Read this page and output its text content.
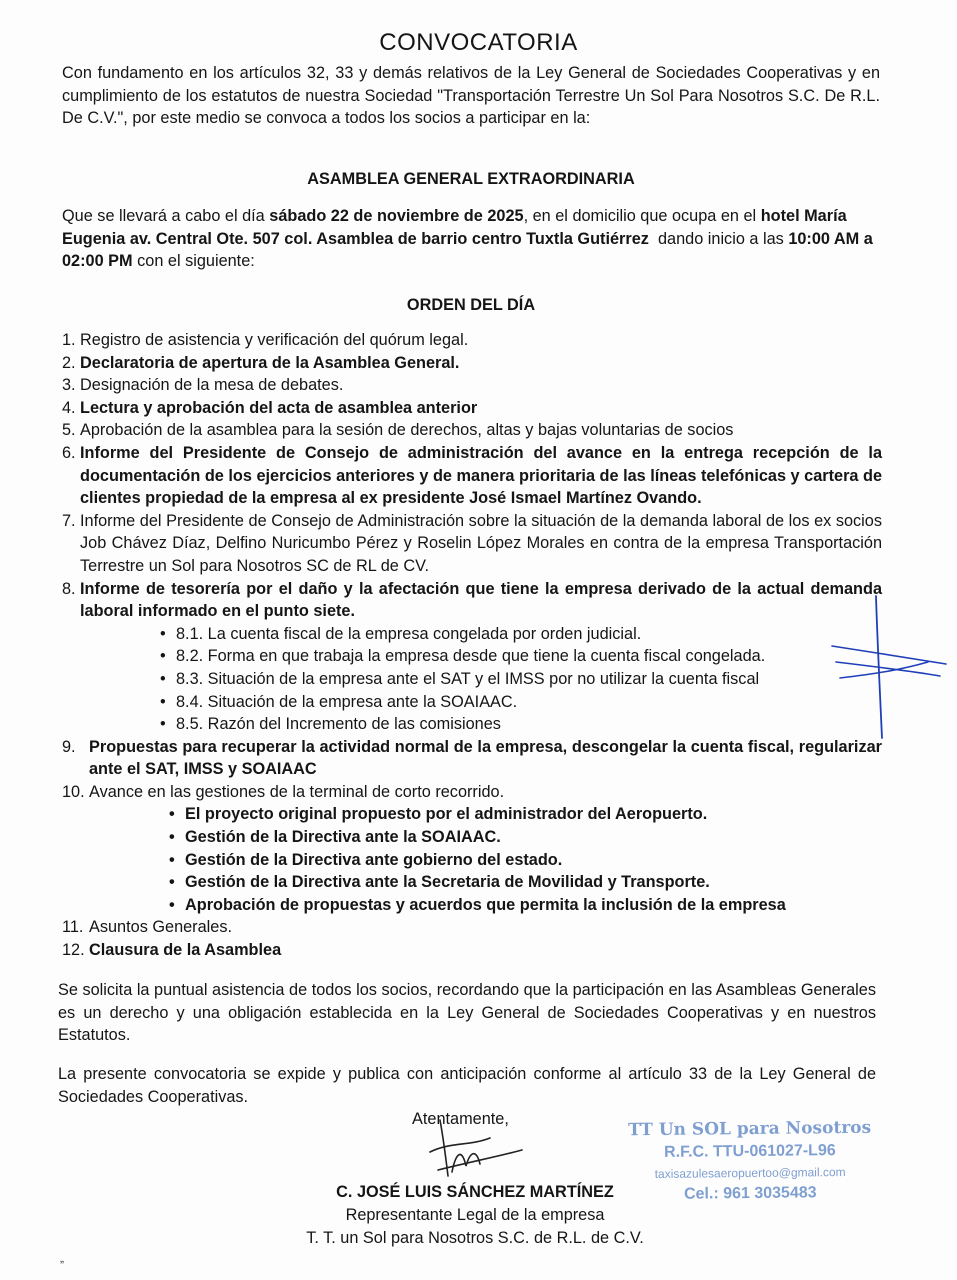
CONVOCATORIA

Con fundamento en los artículos 32, 33 y demás relativos de la Ley General de Sociedades Cooperativas y en cumplimiento de los estatutos de nuestra Sociedad "Transportación Terrestre Un Sol Para Nosotros S.C. De R.L. De C.V.", por este medio se convoca a todos los socios a participar en la:

ASAMBLEA GENERAL EXTRAORDINARIA

Que se llevará a cabo el día sábado 22 de noviembre de 2025, en el domicilio que ocupa en el hotel María Eugenia av. Central Ote. 507 col. Asamblea de barrio centro Tuxtla Gutiérrez  dando inicio a las 10:00 AM a 02:00 PM con el siguiente:

ORDEN DEL DÍA

1. Registro de asistencia y verificación del quórum legal.
2. Declaratoria de apertura de la Asamblea General.
3. Designación de la mesa de debates.
4. Lectura y aprobación del acta de asamblea anterior
5. Aprobación de la asamblea para la sesión de derechos, altas y bajas voluntarias de socios
6. Informe del Presidente de Consejo de administración del avance en la entrega recepción de la documentación de los ejercicios anteriores y de manera prioritaria de las líneas telefónicas y cartera de clientes propiedad de la empresa al ex presidente José Ismael Martínez Ovando.
7. Informe del Presidente de Consejo de Administración sobre la situación de la demanda laboral de los ex socios Job Chávez Díaz, Delfino Nuricumbo Pérez y Roselin López Morales en contra de la empresa Transportación Terrestre un Sol para Nosotros SC de RL de CV.
8. Informe de tesorería por el daño y la afectación que tiene la empresa derivado de la actual demanda laboral informado en el punto siete.
• 8.1. La cuenta fiscal de la empresa congelada por orden judicial.
• 8.2. Forma en que trabaja la empresa desde que tiene la cuenta fiscal congelada.
• 8.3. Situación de la empresa ante el SAT y el IMSS por no utilizar la cuenta fiscal
• 8.4. Situación de la empresa ante la SOAIAAC.
• 8.5. Razón del Incremento de las comisiones
9. Propuestas para recuperar la actividad normal de la empresa, descongelar la cuenta fiscal, regularizar ante el SAT, IMSS y SOAIAAC
10. Avance en las gestiones de la terminal de corto recorrido.
• El proyecto original propuesto por el administrador del Aeropuerto.
• Gestión de la Directiva ante la SOAIAAC.
• Gestión de la Directiva ante gobierno del estado.
• Gestión de la Directiva ante la Secretaria de Movilidad y Transporte.
• Aprobación de propuestas y acuerdos que permita la inclusión de la empresa
11. Asuntos Generales.
12. Clausura de la Asamblea

Se solicita la puntual asistencia de todos los socios, recordando que la participación en las Asambleas Generales es un derecho y una obligación establecida en la Ley General de Sociedades Cooperativas y en nuestros Estatutos.

La presente convocatoria se expide y publica con anticipación conforme al artículo 33 de la Ley General de Sociedades Cooperativas.

Atentamente,

C. JOSÉ LUIS SÁNCHEZ MARTÍNEZ

Representante Legal de la empresa

T. T. un Sol para Nosotros S.C. de R.L. de C.V.

TT Un SOL para Nosotros
R.F.C. TTU-061027-L96
taxisazulesaeropuertoo@gmail.com
Cel.: 961 3035483
„
